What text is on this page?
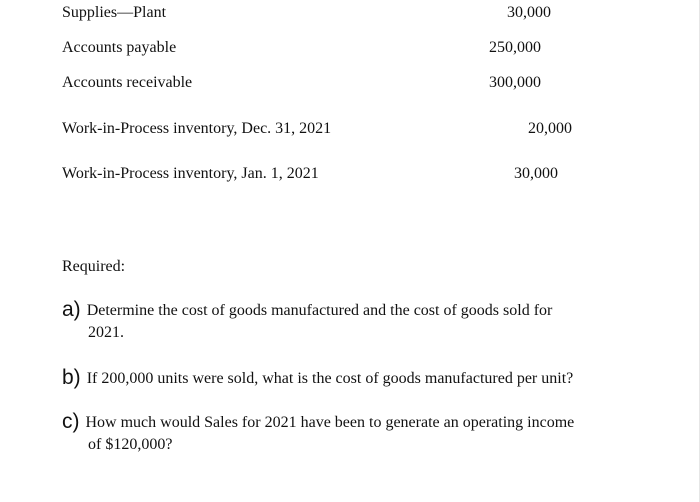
Supplies—Plant	30,000
Accounts payable	250,000
Accounts receivable	300,000
Work-in-Process inventory, Dec. 31, 2021	20,000
Work-in-Process inventory, Jan. 1, 2021	30,000
Required:
a) Determine the cost of goods manufactured and the cost of goods sold for
2021.
b) If 200,000 units were sold, what is the cost of goods manufactured per unit?
c) How much would Sales for 2021 have been to generate an operating income
of $120,000?
